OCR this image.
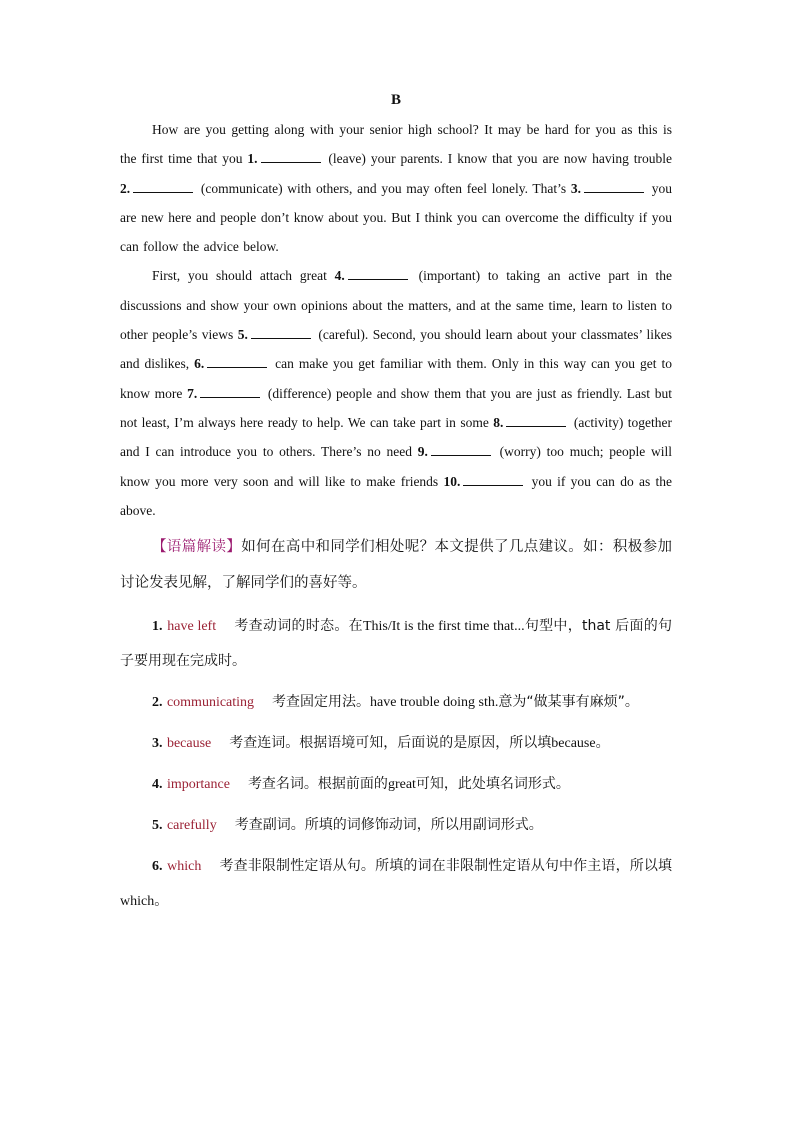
B

How are you getting along with your senior high school? It may be hard for you as this is the first time that you 1.	(leave) your parents. I know that you are now having trouble 2.	(communicate) with others, and you may often feel lonely. That’s 3.	you are new here and people don’t know about you. But I think you can overcome the difficulty if you can follow the advice below.

First, you should attach great 4.	(important) to taking an active part in the discussions and show your own opinions about the matters, and at the same time, learn to listen to other people’s views 5.	(careful). Second, you should learn about your classmates’ likes and dislikes, 6.	can make you get familiar with them. Only in this way can you get to know more 7.	(difference) people and show them that you are just as friendly. Last but not least, I’m always here ready to help. We can take part in some 8.	(activity) together and I can introduce you to others. There’s no need 9.	(worry) too much; people will know you more very soon and will like to make friends 10.	you if you can do as the above.

【语篇解读】如何在高中和同学们相处呢？本文提供了几点建议。如：积极参加讨论发表见解，了解同学们的喜好等。
1. have left 考查动词的时态。在This/It is the first time that...句型中，that 后面的句子要用现在完成时。
2. communicating 考查固定用法。have trouble doing sth.意为“做某事有麻烦”。
3. because 考查连词。根据语境可知，后面说的是原因，所以填because。
4. importance 考查名词。根据前面的great可知，此处填名词形式。
5. carefully 考查副词。所填的词修饰动词，所以用副词形式。
6. which 考查非限制性定语从句。所填的词在非限制性定语从句中作主语，所以填which。
